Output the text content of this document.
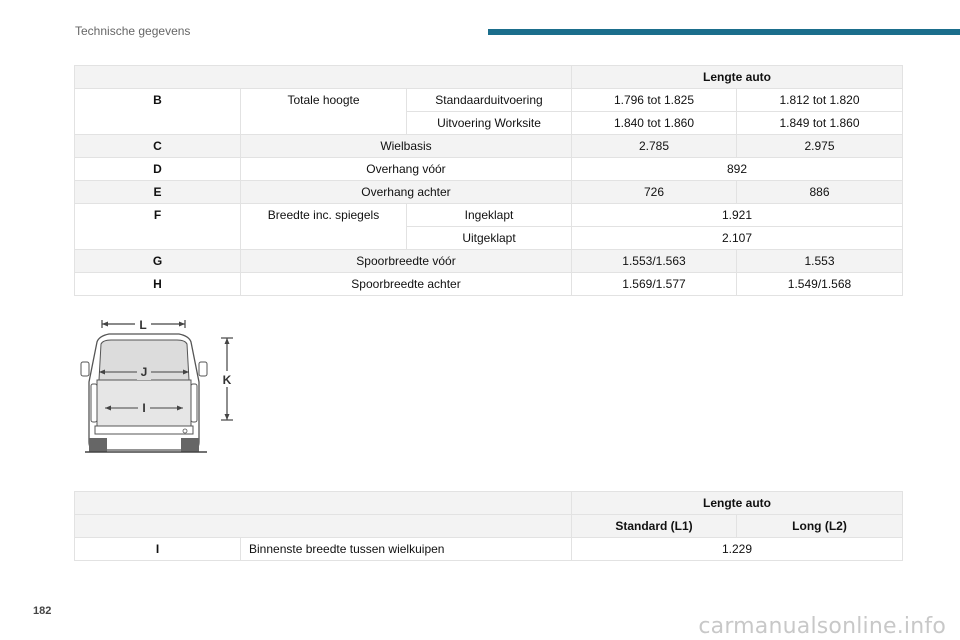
Technische gegevens
			Lengte auto	
B	Totale hoogte	Standaarduitvoering	1.796 tot 1.825	1.812 tot 1.820
		Uitvoering Worksite	1.840 tot 1.860	1.849 tot 1.860
C	Wielbasis		2.785	2.975
D	Overhang vóór		892	
E	Overhang achter		726	886
F	Breedte inc. spiegels	Ingeklapt	1.921	
		Uitgeklapt	2.107	
G	Spoorbreedte vóór		1.553/1.563	1.553
H	Spoorbreedte achter		1.569/1.577	1.549/1.568
L
J
I
K
		Lengte auto	
		Standard (L1)	Long (L2)
I	Binnenste breedte tussen wielkuipen	1.229	
182
carmanualsonline.info
